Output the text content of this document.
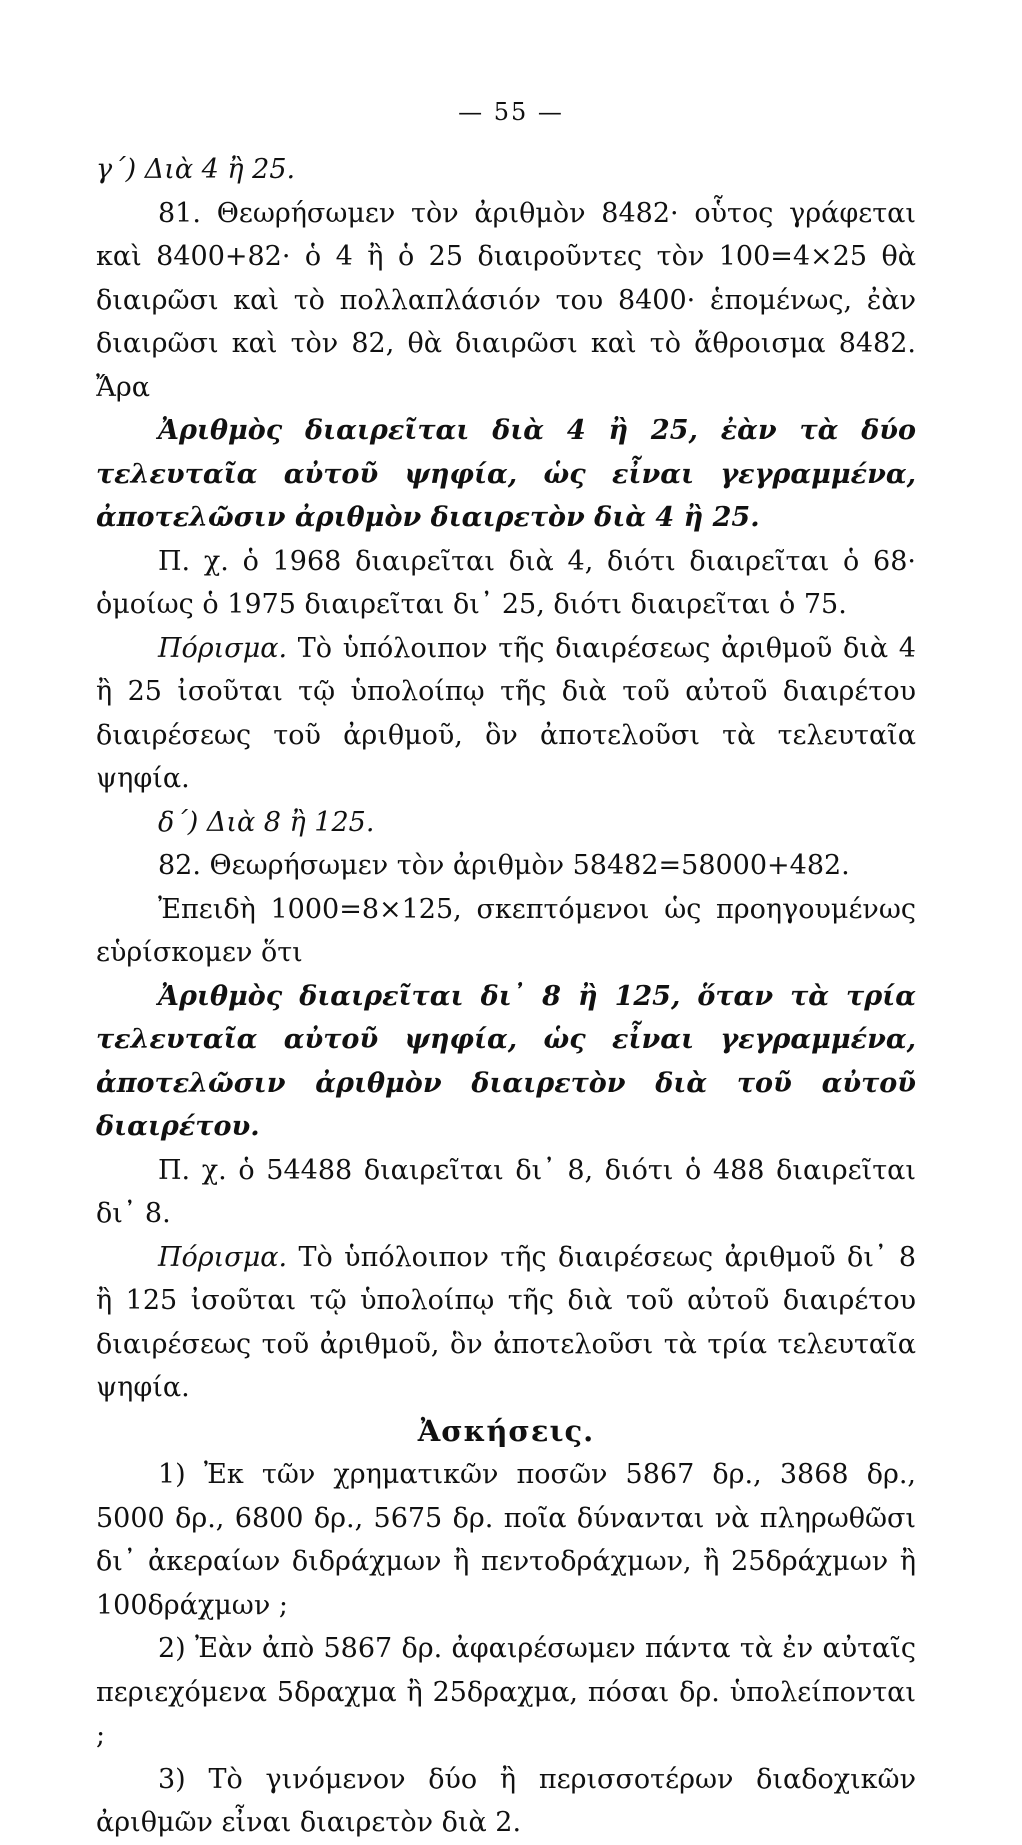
— 55 —

γ΄) Διὰ 4 ἢ 25.

81. Θεωρήσωμεν τὸν ἀριθμὸν 8482· οὗτος γράφεται καὶ 8400+82· ὁ 4 ἢ ὁ 25 διαιροῦντες τὸν 100=4×25 θὰ διαιρῶσι καὶ τὸ πολλαπλάσιόν του 8400· ἑπομένως, ἐὰν διαιρῶσι καὶ τὸν 82, θὰ διαιρῶσι καὶ τὸ ἄθροισμα 8482. Ἄρα

Ἀριθμὸς διαιρεῖται διὰ 4 ἢ 25, ἐὰν τὰ δύο τελευταῖα αὐτοῦ ψηφία, ὡς εἶναι γεγραμμένα, ἀποτελῶσιν ἀριθμὸν διαιρετὸν διὰ 4 ἢ 25.

Π. χ. ὁ 1968 διαιρεῖται διὰ 4, διότι διαιρεῖται ὁ 68· ὁμοίως ὁ 1975 διαιρεῖται δι᾽ 25, διότι διαιρεῖται ὁ 75.

Πόρισμα. Τὸ ὑπόλοιπον τῆς διαιρέσεως ἀριθμοῦ διὰ 4 ἢ 25 ἰσοῦται τῷ ὑπολοίπῳ τῆς διὰ τοῦ αὐτοῦ διαιρέτου διαιρέσεως τοῦ ἀριθμοῦ, ὃν ἀποτελοῦσι τὰ τελευταῖα ψηφία.

δ΄) Διὰ 8 ἢ 125.

82. Θεωρήσωμεν τὸν ἀριθμὸν 58482=58000+482.

Ἐπειδὴ 1000=8×125, σκεπτόμενοι ὡς προηγουμένως εὑρίσκομεν ὅτι

Ἀριθμὸς διαιρεῖται δι᾽ 8 ἢ 125, ὅταν τὰ τρία τελευταῖα αὐτοῦ ψηφία, ὡς εἶναι γεγραμμένα, ἀποτελῶσιν ἀριθμὸν διαιρετὸν διὰ τοῦ αὐτοῦ διαιρέτου.

Π. χ. ὁ 54488 διαιρεῖται δι᾽ 8, διότι ὁ 488 διαιρεῖται δι᾽ 8.

Πόρισμα. Τὸ ὑπόλοιπον τῆς διαιρέσεως ἀριθμοῦ δι᾽ 8 ἢ 125 ἰσοῦται τῷ ὑπολοίπῳ τῆς διὰ τοῦ αὐτοῦ διαιρέτου διαιρέσεως τοῦ ἀριθμοῦ, ὃν ἀποτελοῦσι τὰ τρία τελευταῖα ψηφία.

Ἀσκήσεις.

1) Ἐκ τῶν χρηματικῶν ποσῶν 5867 δρ., 3868 δρ., 5000 δρ., 6800 δρ., 5675 δρ. ποῖα δύνανται νὰ πληρωθῶσι δι᾽ ἀκεραίων διδράχμων ἢ πεντοδράχμων, ἢ 25δράχμων ἢ 100δράχμων ;

2) Ἐὰν ἀπὸ 5867 δρ. ἀφαιρέσωμεν πάντα τὰ ἐν αὐταῖς περιεχόμενα 5δραχμα ἢ 25δραχμα, πόσαι δρ. ὑπολείπονται ;

3) Τὸ γινόμενον δύο ἢ περισσοτέρων διαδοχικῶν ἀριθμῶν εἶναι διαιρετὸν διὰ 2.
